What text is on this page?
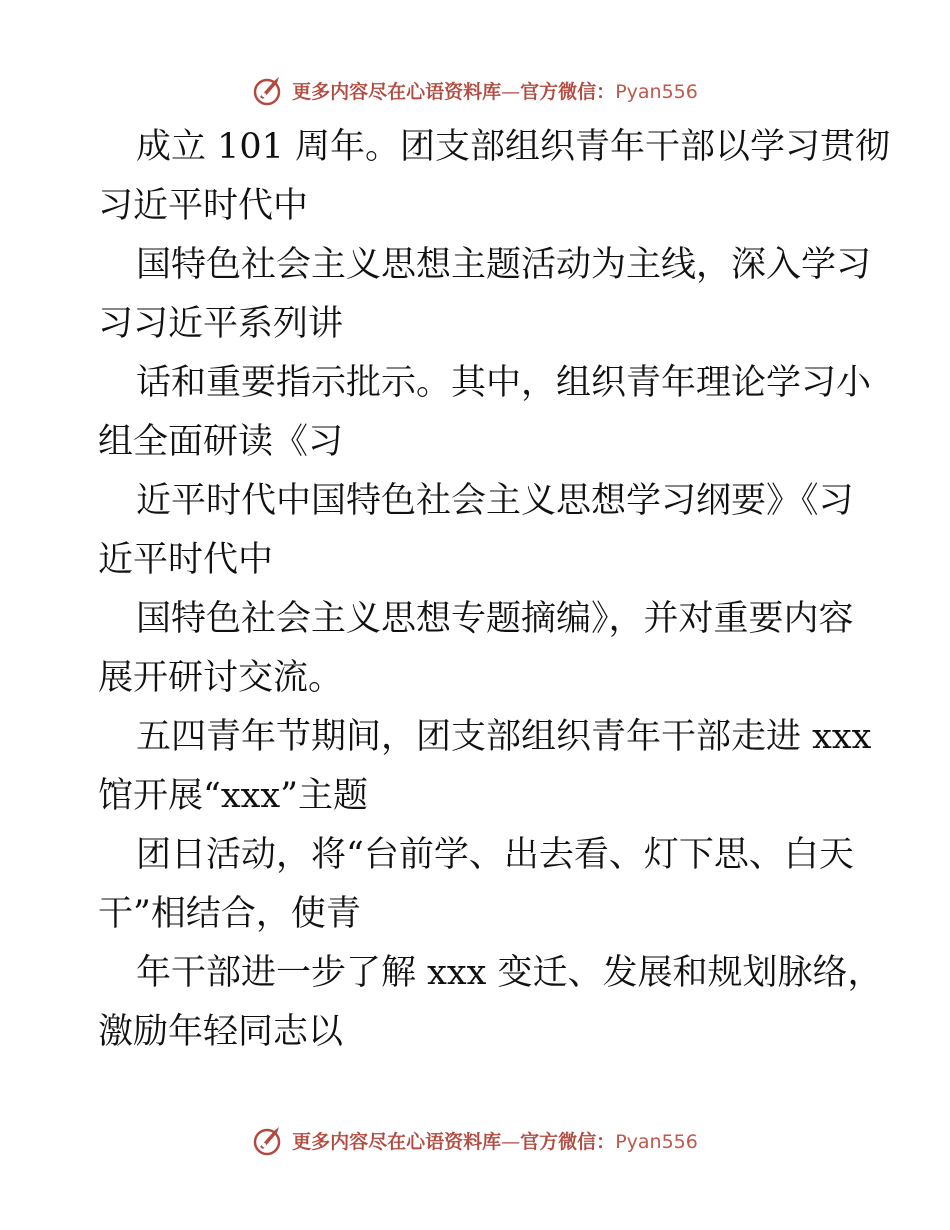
更多内容尽在心语资料库—官方微信：Pyan556

成立 101 周年。团支部组织青年干部以学习贯彻
习近平时代中

国特色社会主义思想主题活动为主线，深入学习
习习近平系列讲

话和重要指示批示。其中，组织青年理论学习小
组全面研读《习

近平时代中国特色社会主义思想学习纲要》《习
近平时代中

国特色社会主义思想专题摘编》，并对重要内容
展开研讨交流。

五四青年节期间，团支部组织青年干部走进 xxx
馆开展“xxx”主题

团日活动，将“台前学、出去看、灯下思、白天
干”相结合，使青

年干部进一步了解 xxx 变迁、发展和规划脉络，
激励年轻同志以

更多内容尽在心语资料库—官方微信：Pyan556
